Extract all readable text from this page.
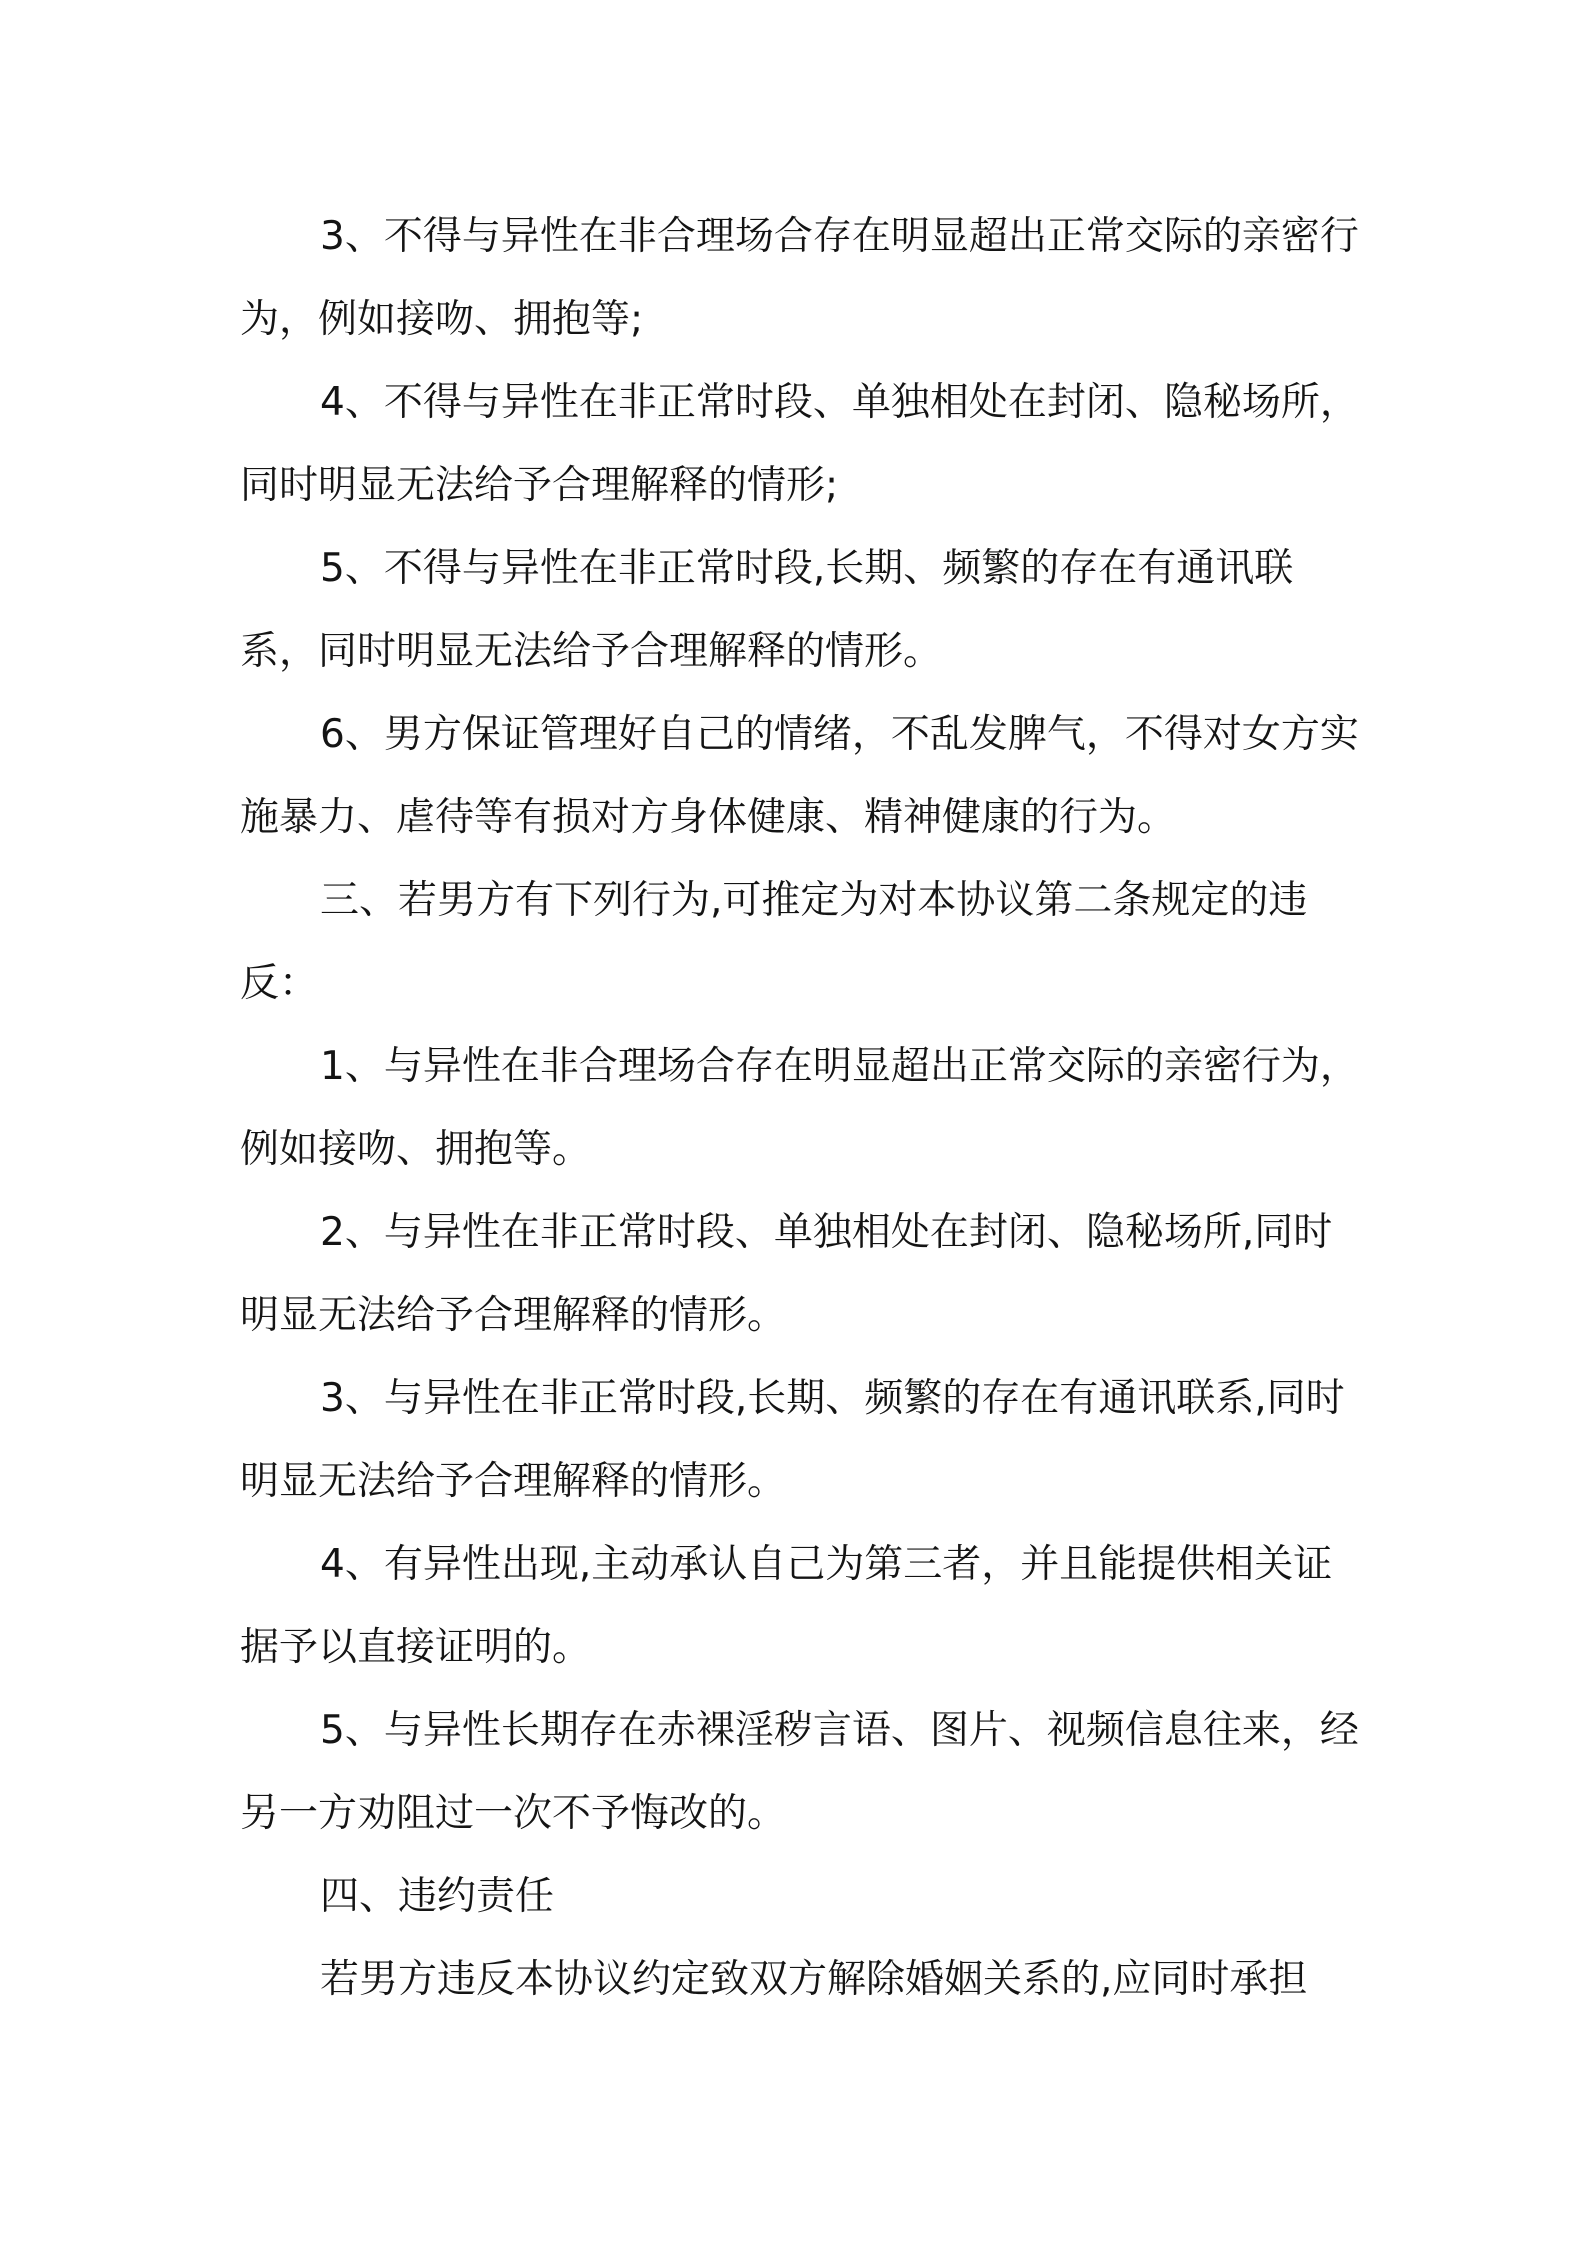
3、不得与异性在非合理场合存在明显超出正常交际的亲密行为，例如接吻、拥抱等;

4、不得与异性在非正常时段、单独相处在封闭、隐秘场所，同时明显无法给予合理解释的情形;

5、不得与异性在非正常时段,长期、频繁的存在有通讯联系，同时明显无法给予合理解释的情形。

6、男方保证管理好自己的情绪，不乱发脾气，不得对女方实施暴力、虐待等有损对方身体健康、精神健康的行为。

三、若男方有下列行为,可推定为对本协议第二条规定的违反：

1、与异性在非合理场合存在明显超出正常交际的亲密行为，例如接吻、拥抱等。

2、与异性在非正常时段、单独相处在封闭、隐秘场所,同时明显无法给予合理解释的情形。

3、与异性在非正常时段,长期、频繁的存在有通讯联系,同时明显无法给予合理解释的情形。

4、有异性出现,主动承认自己为第三者，并且能提供相关证据予以直接证明的。

5、与异性长期存在赤裸淫秽言语、图片、视频信息往来，经另一方劝阻过一次不予悔改的。

四、违约责任

若男方违反本协议约定致双方解除婚姻关系的,应同时承担
